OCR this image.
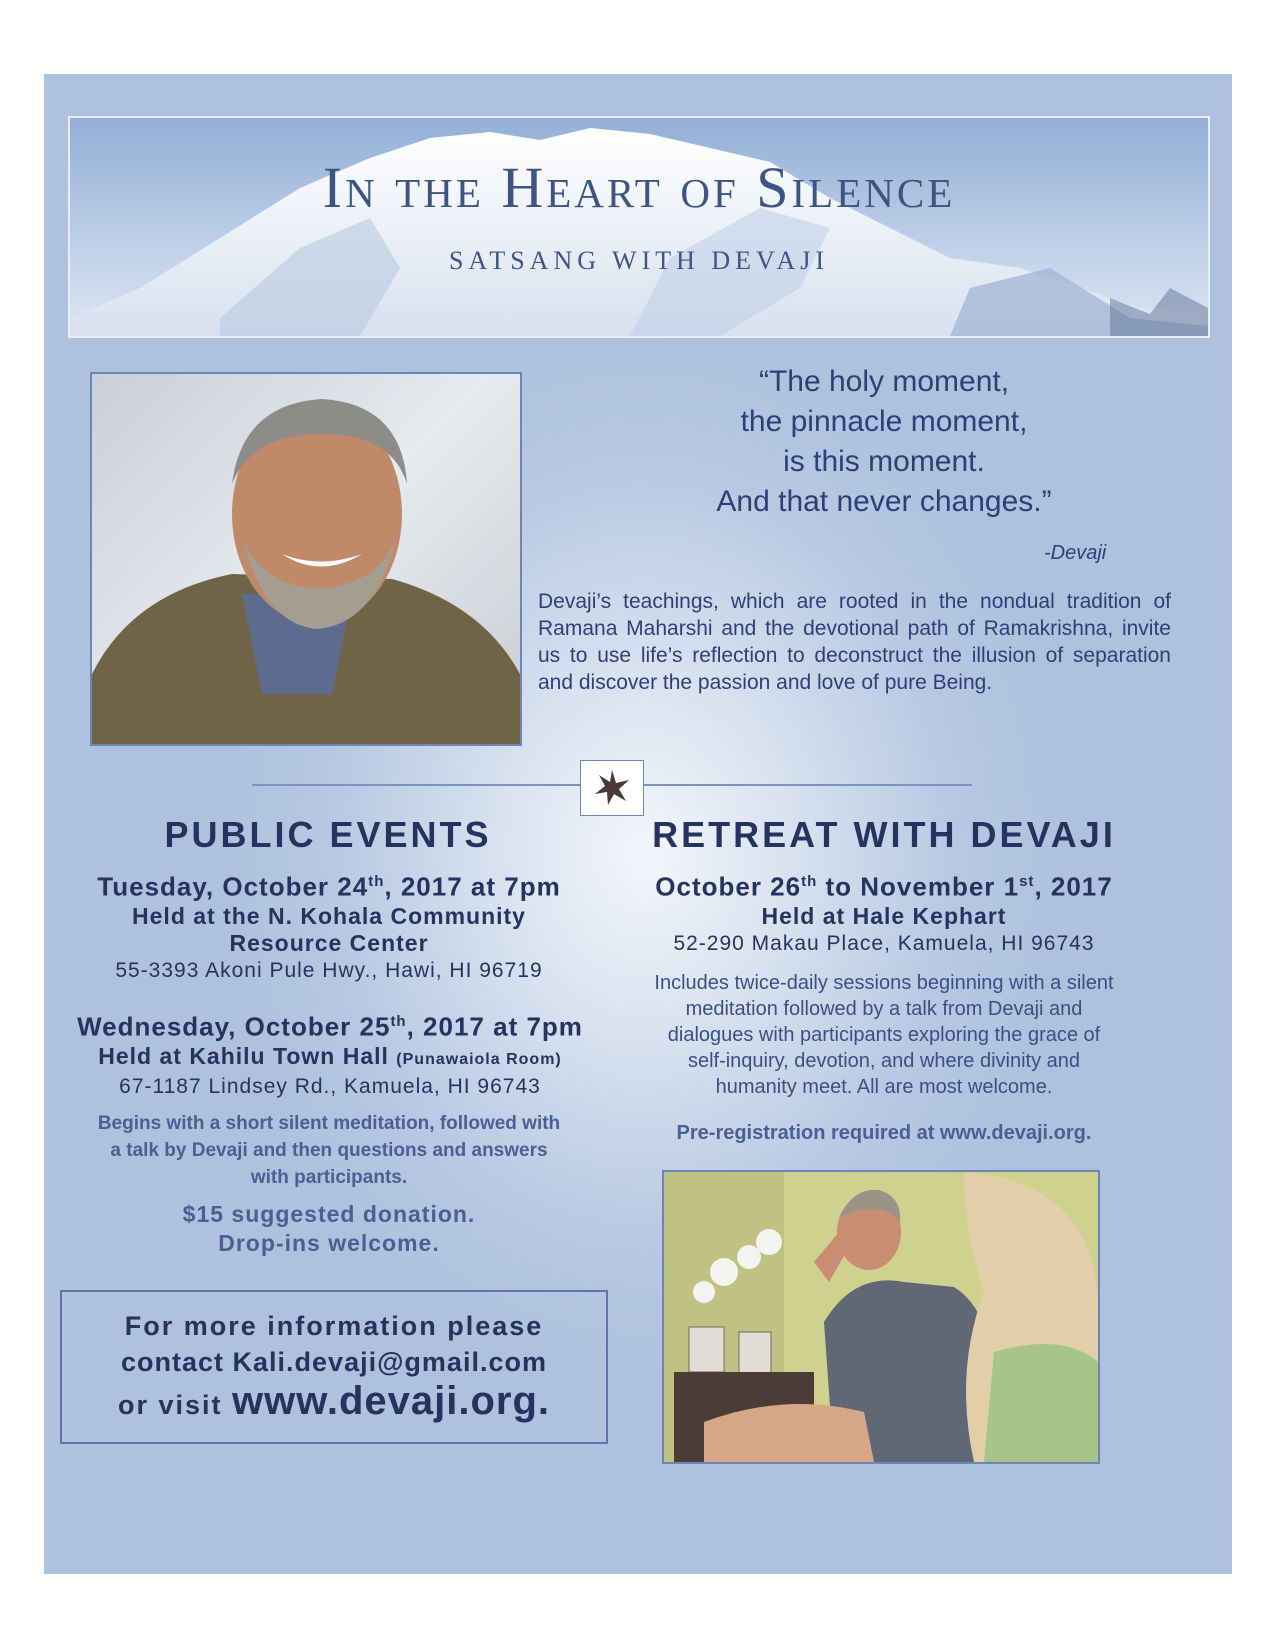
In the Heart of Silence
SATSANG WITH DEVAJI
“The holy moment,
the pinnacle moment,
is this moment.
And that never changes.”
-Devaji
Devaji’s teachings, which are rooted in the nondual tradition of Ramana Maharshi and the devotional path of Ramakrishna, invite us to use life’s reflection to deconstruct the illusion of separation and discover the passion and love of pure Being.
PUBLIC EVENTS
Tuesday, October 24th, 2017 at 7pm
Held at the N. Kohala Community
Resource Center
55-3393 Akoni Pule Hwy., Hawi, HI 96719
Wednesday, October 25th, 2017 at 7pm
Held at Kahilu Town Hall (Punawaiola Room)
67-1187 Lindsey Rd., Kamuela, HI 96743
Begins with a short silent meditation, followed with
a talk by Devaji and then questions and answers
with participants.
$15 suggested donation.
Drop-ins welcome.
RETREAT WITH DEVAJI
October 26th to November 1st, 2017
Held at Hale Kephart
52-290 Makau Place, Kamuela, HI 96743
Includes twice-daily sessions beginning with a silent
meditation followed by a talk from Devaji and
dialogues with participants exploring the grace of
self-inquiry, devotion, and where divinity and
humanity meet. All are most welcome.
Pre-registration required at www.devaji.org.
For more information please
contact Kali.devaji@gmail.com
or visit www.devaji.org.
